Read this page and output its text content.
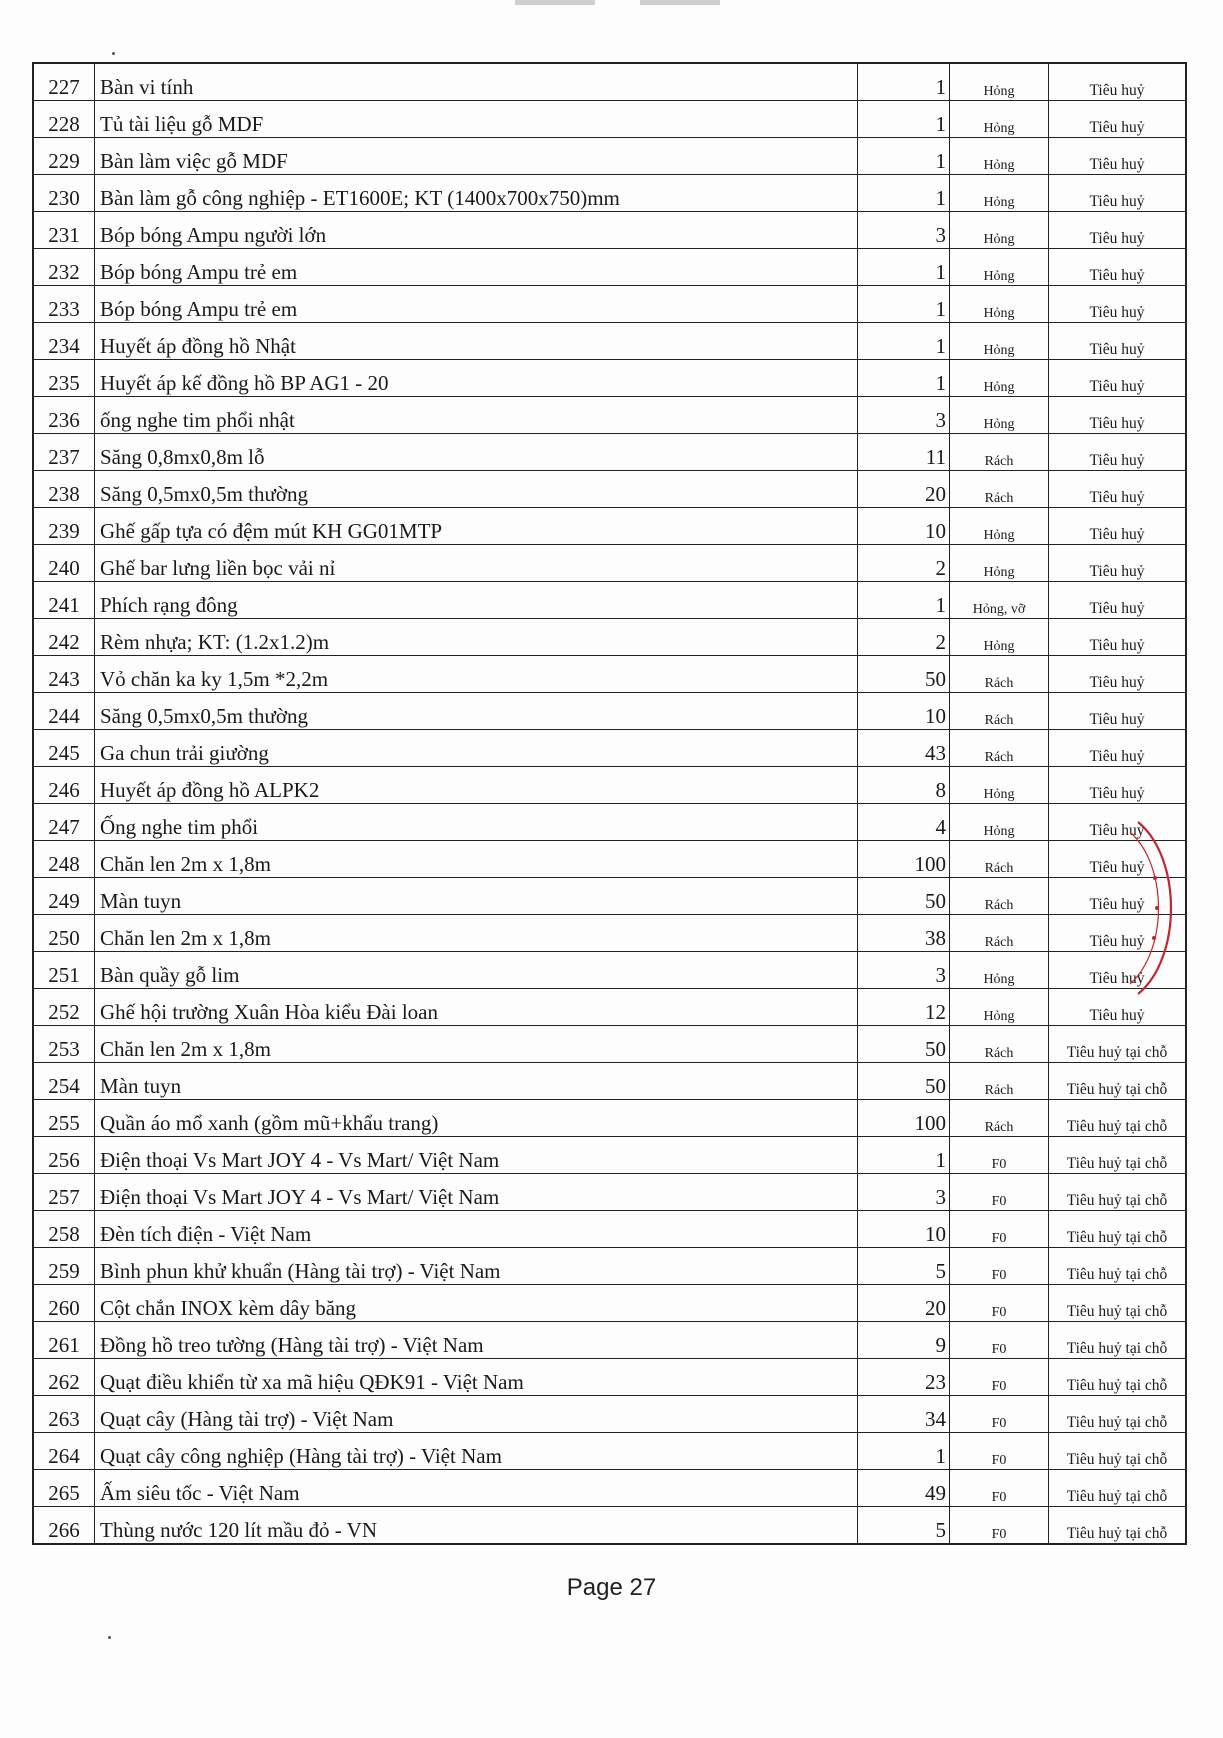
227	Bàn vi tính	1	Hỏng	Tiêu huỷ
228	Tủ tài liệu gỗ MDF	1	Hỏng	Tiêu huỷ
229	Bàn làm việc gỗ MDF	1	Hỏng	Tiêu huỷ
230	Bàn làm gỗ công nghiệp - ET1600E; KT (1400x700x750)mm	1	Hỏng	Tiêu huỷ
231	Bóp bóng Ampu người lớn	3	Hỏng	Tiêu huỷ
232	Bóp bóng Ampu trẻ em	1	Hỏng	Tiêu huỷ
233	Bóp bóng Ampu trẻ em	1	Hỏng	Tiêu huỷ
234	Huyết áp đồng hồ Nhật	1	Hỏng	Tiêu huỷ
235	Huyết áp kế đồng hồ BP AG1 - 20	1	Hỏng	Tiêu huỷ
236	ống nghe tim phổi nhật	3	Hỏng	Tiêu huỷ
237	Săng 0,8mx0,8m lỗ	11	Rách	Tiêu huỷ
238	Săng 0,5mx0,5m thường	20	Rách	Tiêu huỷ
239	Ghế gấp tựa có đệm mút KH GG01MTP	10	Hỏng	Tiêu huỷ
240	Ghế bar lưng liền bọc vải nỉ	2	Hỏng	Tiêu huỷ
241	Phích rạng đông	1	Hỏng, vỡ	Tiêu huỷ
242	Rèm nhựa; KT: (1.2x1.2)m	2	Hỏng	Tiêu huỷ
243	Vỏ chăn ka ky 1,5m *2,2m	50	Rách	Tiêu huỷ
244	Săng 0,5mx0,5m thường	10	Rách	Tiêu huỷ
245	Ga chun trải giường	43	Rách	Tiêu huỷ
246	Huyết áp đồng hồ ALPK2	8	Hỏng	Tiêu huỷ
247	Ống nghe tim phổi	4	Hỏng	Tiêu huỷ
248	Chăn len 2m x 1,8m	100	Rách	Tiêu huỷ
249	Màn tuyn	50	Rách	Tiêu huỷ
250	Chăn len 2m x 1,8m	38	Rách	Tiêu huỷ
251	Bàn quầy gỗ lim	3	Hỏng	Tiêu huỷ
252	Ghế hội trường Xuân Hòa kiểu Đài loan	12	Hỏng	Tiêu huỷ
253	Chăn len 2m x 1,8m	50	Rách	Tiêu huỷ tại chỗ
254	Màn tuyn	50	Rách	Tiêu huỷ tại chỗ
255	Quần áo mổ xanh (gồm mũ+khẩu trang)	100	Rách	Tiêu huỷ tại chỗ
256	Điện thoại Vs Mart JOY 4 - Vs Mart/ Việt Nam	1	F0	Tiêu huỷ tại chỗ
257	Điện thoại Vs Mart JOY 4 - Vs Mart/ Việt Nam	3	F0	Tiêu huỷ tại chỗ
258	Đèn tích điện - Việt Nam	10	F0	Tiêu huỷ tại chỗ
259	Bình phun khử khuẩn (Hàng tài trợ) - Việt Nam	5	F0	Tiêu huỷ tại chỗ
260	Cột chắn INOX kèm dây băng	20	F0	Tiêu huỷ tại chỗ
261	Đồng hồ treo tường (Hàng tài trợ) - Việt Nam	9	F0	Tiêu huỷ tại chỗ
262	Quạt điều khiển từ xa mã hiệu QĐK91 - Việt Nam	23	F0	Tiêu huỷ tại chỗ
263	Quạt cây (Hàng tài trợ) - Việt Nam	34	F0	Tiêu huỷ tại chỗ
264	Quạt cây công nghiệp (Hàng tài trợ) - Việt Nam	1	F0	Tiêu huỷ tại chỗ
265	Ấm siêu tốc - Việt Nam	49	F0	Tiêu huỷ tại chỗ
266	Thùng nước 120 lít mầu đỏ - VN	5	F0	Tiêu huỷ tại chỗ
Page 27
